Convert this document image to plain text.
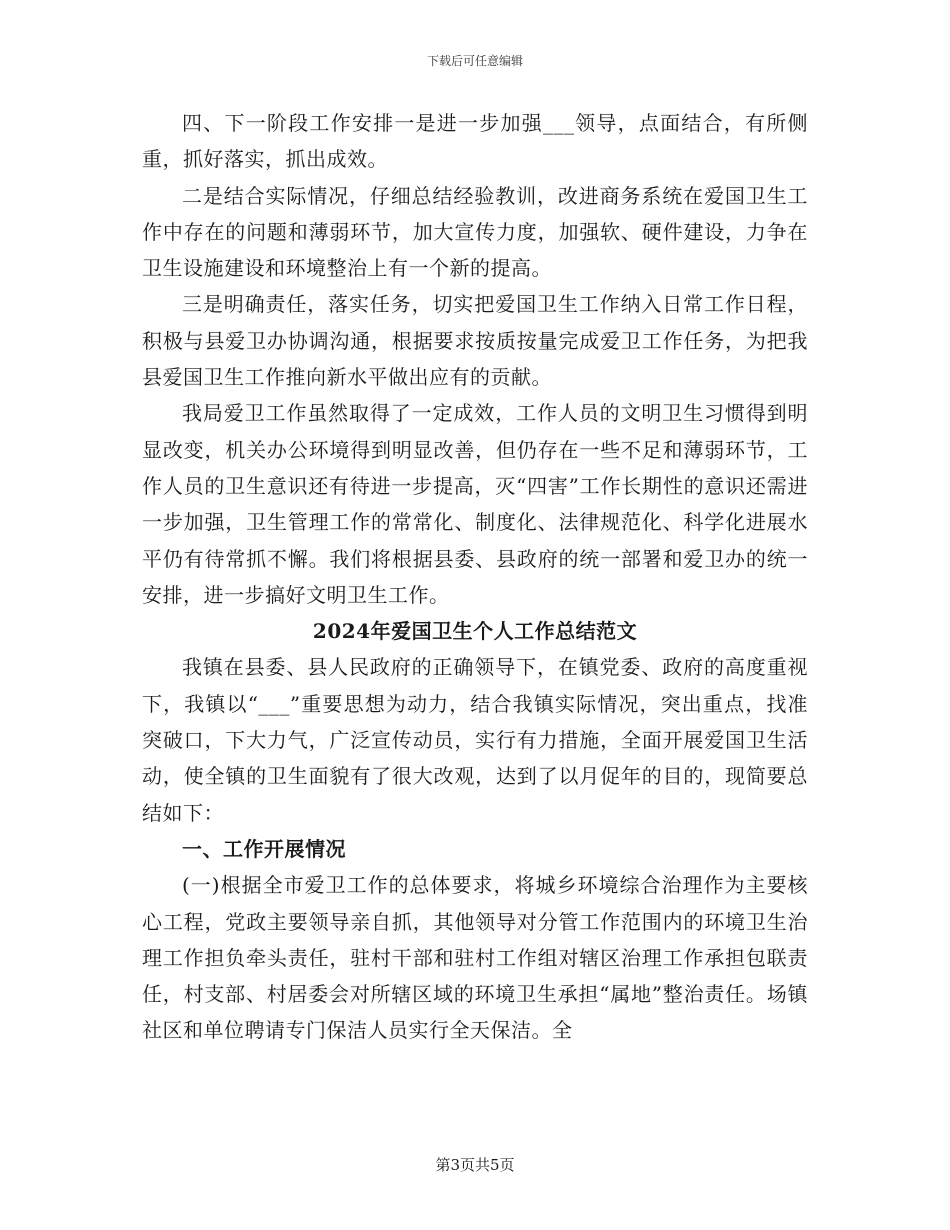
下载后可任意编辑

四、下一阶段工作安排一是进一步加强___领导，点面结合，有所侧重，抓好落实，抓出成效。

二是结合实际情况，仔细总结经验教训，改进商务系统在爱国卫生工作中存在的问题和薄弱环节，加大宣传力度，加强软、硬件建设，力争在卫生设施建设和环境整治上有一个新的提高。

三是明确责任，落实任务，切实把爱国卫生工作纳入日常工作日程，积极与县爱卫办协调沟通，根据要求按质按量完成爱卫工作任务，为把我县爱国卫生工作推向新水平做出应有的贡献。

我局爱卫工作虽然取得了一定成效，工作人员的文明卫生习惯得到明显改变，机关办公环境得到明显改善，但仍存在一些不足和薄弱环节，工作人员的卫生意识还有待进一步提高，灭“四害”工作长期性的意识还需进一步加强，卫生管理工作的常常化、制度化、法律规范化、科学化进展水平仍有待常抓不懈。我们将根据县委、县政府的统一部署和爱卫办的统一安排，进一步搞好文明卫生工作。

2024年爱国卫生个人工作总结范文

我镇在县委、县人民政府的正确领导下，在镇党委、政府的高度重视下，我镇以“___”重要思想为动力，结合我镇实际情况，突出重点，找准突破口，下大力气，广泛宣传动员，实行有力措施，全面开展爱国卫生活动，使全镇的卫生面貌有了很大改观，达到了以月促年的目的，现简要总结如下：

一、工作开展情况

(一)根据全市爱卫工作的总体要求，将城乡环境综合治理作为主要核心工程，党政主要领导亲自抓，其他领导对分管工作范围内的环境卫生治理工作担负牵头责任，驻村干部和驻村工作组对辖区治理工作承担包联责任，村支部、村居委会对所辖区域的环境卫生承担“属地”整治责任。场镇社区和单位聘请专门保洁人员实行全天保洁。全

第3页共5页
